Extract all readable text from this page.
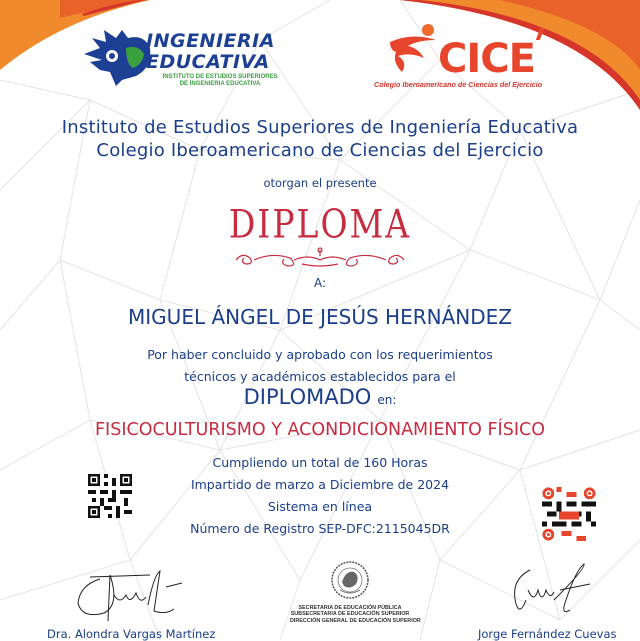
INGENIERIA
EDUCATIVA
INSTITUTO DE ESTUDIOS SUPERIORES
DE INGENIERIA EDUCATIVA
CICE
Colegio Iberoamericano de Ciencias del Ejercicio
Instituto de Estudios Superiores de Ingeniería Educativa
Colegio Iberoamericano de Ciencias del Ejercicio
otorgan el presente
DIPLOMA
A:
MIGUEL ÁNGEL DE JESÚS HERNÁNDEZ
Por haber concluido y aprobado con los requerimientos
técnicos y académicos establecidos para el
DIPLOMADO en:
FISICOCULTURISMO Y ACONDICIONAMIENTO FÍSICO
Cumpliendo un total de 160 Horas
Impartido de marzo a Diciembre de 2024
Sistema en línea
Número de Registro SEP-DFC:2115045DR
Dra. Alondra Vargas Martínez
SECRETARIA DE EDUCACIÓN PÚBLICA
SUBSECRETARIA DE EDUCACIÓN SUPERIOR
DIRECCIÓN GENERAL DE EDUCACIÓN SUPERIOR
Jorge Fernández Cuevas
